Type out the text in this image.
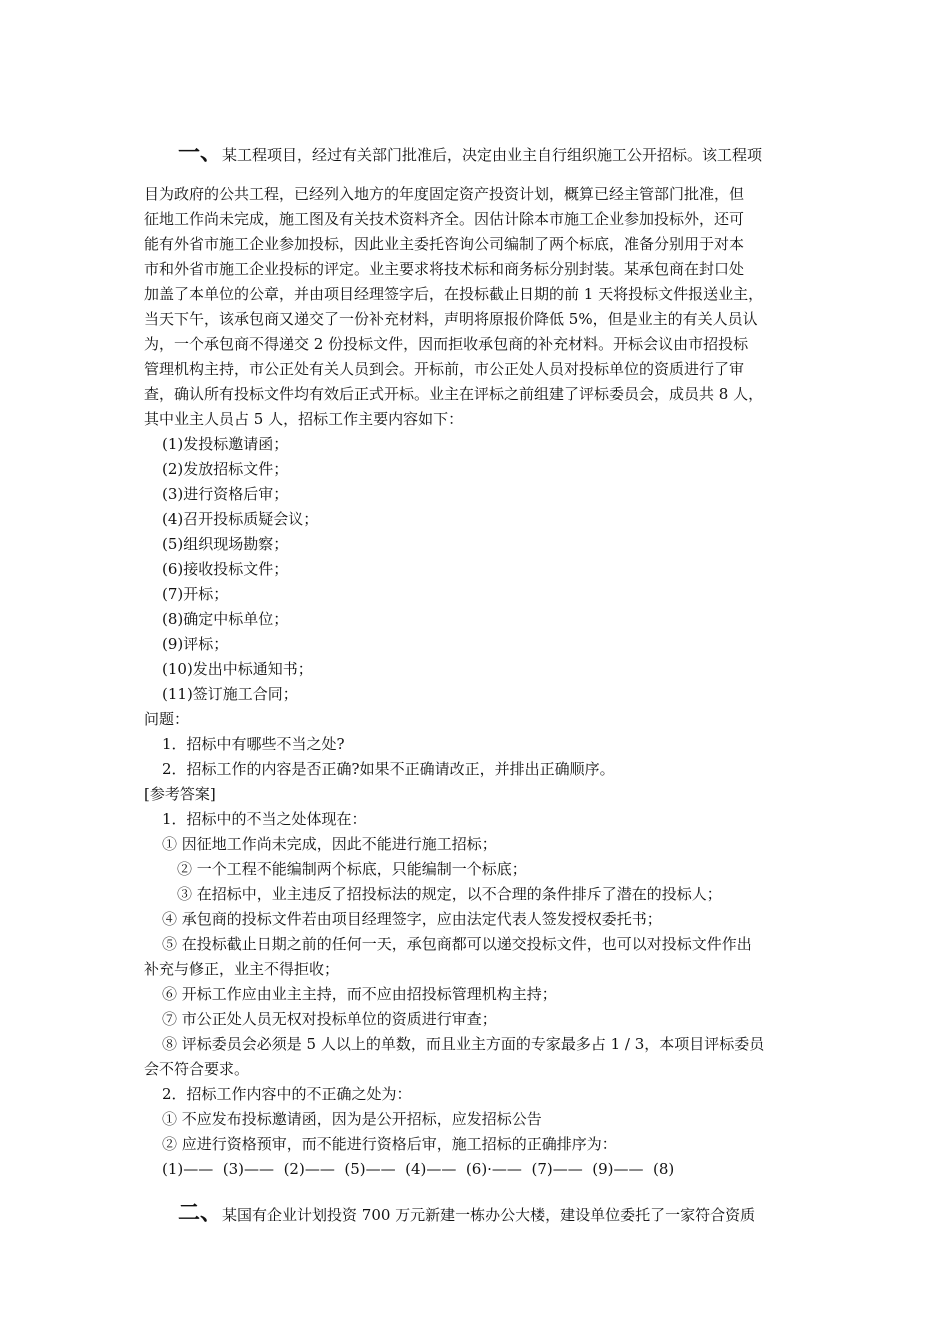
一、某工程项目，经过有关部门批准后，决定由业主自行组织施工公开招标。该工程项
目为政府的公共工程，已经列入地方的年度固定资产投资计划，概算已经主管部门批准，但
征地工作尚未完成，施工图及有关技术资料齐全。因估计除本市施工企业参加投标外，还可
能有外省市施工企业参加投标，因此业主委托咨询公司编制了两个标底，准备分别用于对本
市和外省市施工企业投标的评定。业主要求将技术标和商务标分别封装。某承包商在封口处
加盖了本单位的公章，并由项目经理签字后，在投标截止日期的前 1 天将投标文件报送业主，
当天下午，该承包商又递交了一份补充材料，声明将原报价降低 5%，但是业主的有关人员认
为，一个承包商不得递交 2 份投标文件，因而拒收承包商的补充材料。开标会议由市招投标
管理机构主持，市公正处有关人员到会。开标前，市公正处人员对投标单位的资质进行了审
查，确认所有投标文件均有效后正式开标。业主在评标之前组建了评标委员会，成员共 8 人，
其中业主人员占 5 人，招标工作主要内容如下：
(1)发投标邀请函；
(2)发放招标文件；
(3)进行资格后审；
(4)召开投标质疑会议；
(5)组织现场勘察；
(6)接收投标文件；
(7)开标；
(8)确定中标单位；
(9)评标；
(10)发出中标通知书；
(11)签订施工合同；
问题：
1．招标中有哪些不当之处?
2．招标工作的内容是否正确?如果不正确请改正，并排出正确顺序。
[参考答案]
1．招标中的不当之处体现在：
① 因征地工作尚未完成，因此不能进行施工招标；
② 一个工程不能编制两个标底，只能编制一个标底；
③ 在招标中，业主违反了招投标法的规定，以不合理的条件排斥了潜在的投标人；
④ 承包商的投标文件若由项目经理签字，应由法定代表人签发授权委托书；
⑤ 在投标截止日期之前的任何一天，承包商都可以递交投标文件，也可以对投标文件作出
补充与修正，业主不得拒收；
⑥ 开标工作应由业主主持，而不应由招投标管理机构主持；
⑦ 市公正处人员无权对投标单位的资质进行审查；
⑧ 评标委员会必须是 5 人以上的单数，而且业主方面的专家最多占 1 / 3，本项目评标委员
会不符合要求。
2．招标工作内容中的不正确之处为：
① 不应发布投标邀请函，因为是公开招标，应发招标公告
② 应进行资格预审，而不能进行资格后审，施工招标的正确排序为：
(1)——  (3)——  (2)——  (5)——  (4)——  (6)·——  (7)——  (9)——  (8)
二、某国有企业计划投资 700 万元新建一栋办公大楼，建设单位委托了一家符合资质
